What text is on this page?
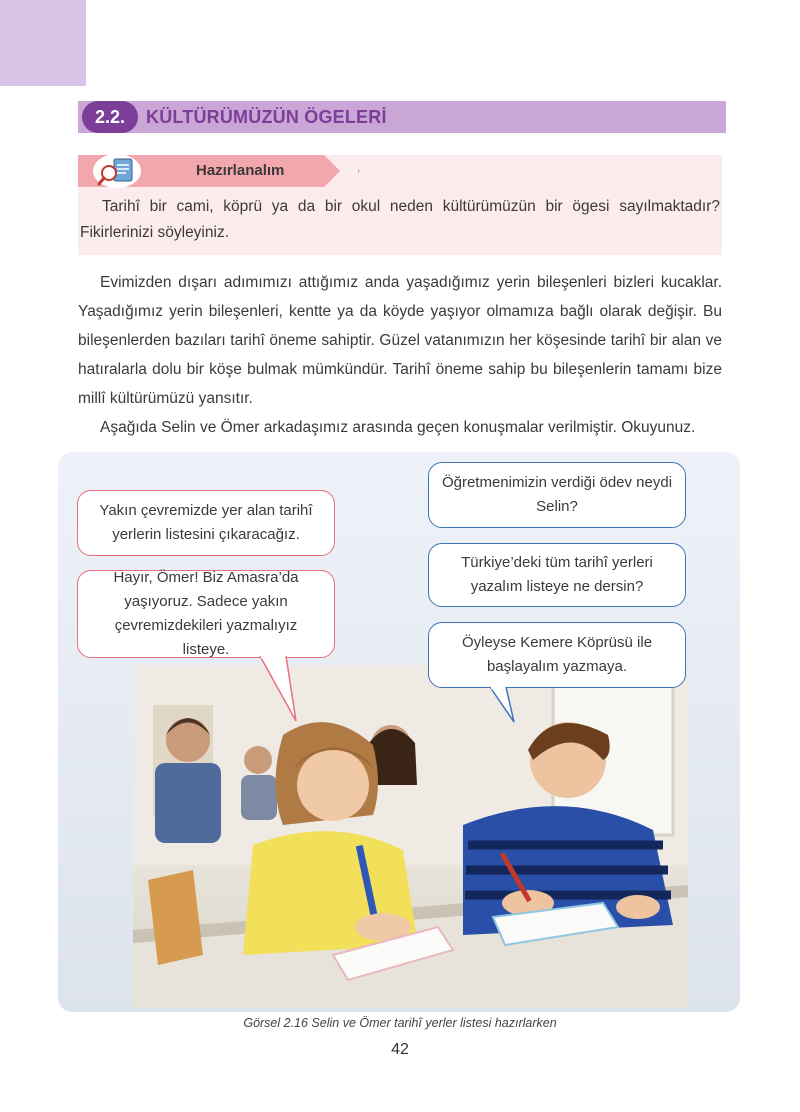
2.2.	KÜLTÜRÜMÜZÜN ÖGELERİ
Hazırlanalım

Tarihî bir cami, köprü ya da bir okul neden kültürümüzün bir ögesi sayılmaktadır? Fikirlerinizi söyleyiniz.

Evimizden dışarı adımımızı attığımız anda yaşadığımız yerin bileşenleri bizleri kucaklar. Yaşadığımız yerin bileşenleri, kentte ya da köyde yaşıyor olmamıza bağlı olarak değişir. Bu bileşenlerden bazıları tarihî öneme sahiptir. Güzel vatanımızın her köşesinde tarihî bir alan ve hatıralarla dolu bir köşe bulmak mümkündür. Tarihî öneme sahip bu bileşenlerin tamamı bize millî kültürümüzü yansıtır.

Aşağıda Selin ve Ömer arkadaşımız arasında geçen konuşmalar verilmiştir. Okuyunuz.

Yakın çevremizde yer alan tarihî yerlerin listesini çıkaracağız.
Hayır, Ömer! Biz Amasra’da yaşıyoruz. Sadece yakın çevremizdekileri yazmalıyız listeye.
Öğretmenimizin verdiği ödev neydi Selin?
Türkiye’deki tüm tarihî yerleri yazalım listeye ne dersin?
Öyleyse Kemere Köprüsü ile başlayalım yazmaya.
Görsel 2.16 Selin ve Ömer tarihî yerler listesi hazırlarken
42
